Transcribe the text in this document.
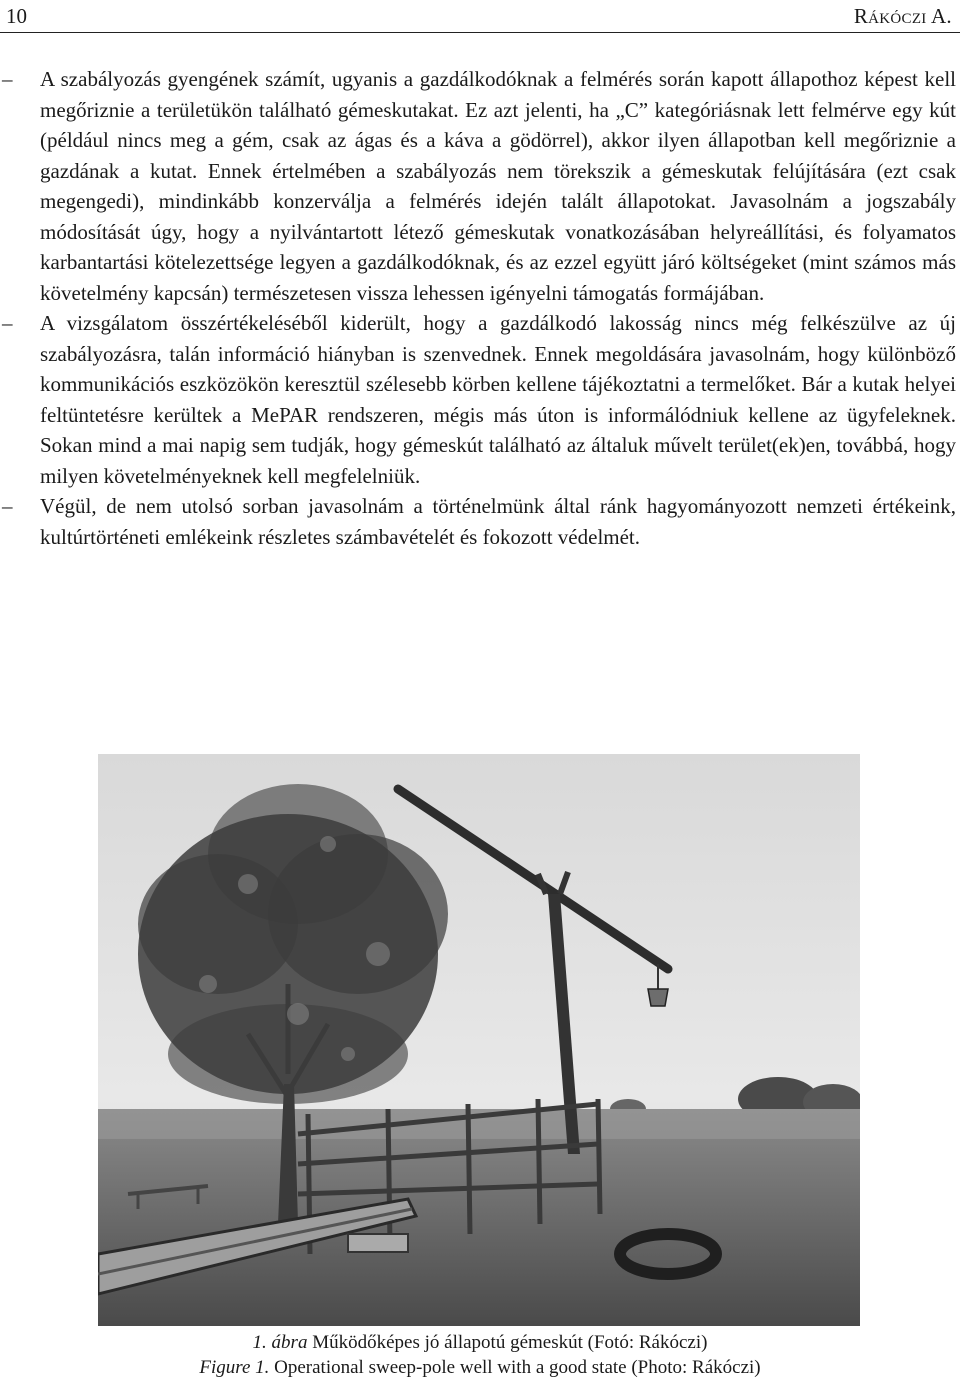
10	Rákóczi A.
–	A szabályozás gyengének számít, ugyanis a gazdálkodóknak a felmérés során kapott állapothoz képest kell megőriznie a területükön található gémeskutakat. Ez azt jelenti, ha „C” kategóriásnak lett felmérve egy kút (például nincs meg a gém, csak az ágas és a káva a gödörrel), akkor ilyen állapotban kell megőriznie a gazdának a kutat. Ennek értelmében a szabályozás nem törekszik a gémeskutak felújítására (ezt csak megengedi), mindinkább konzerválja a felmérés idején talált állapotokat. Javasolnám a jogszabály módosítását úgy, hogy a nyilvántartott létező gémeskutak vonatkozásában helyreállítási, és folyamatos karbantartási kötelezettsége legyen a gazdálkodóknak, és az ezzel együtt járó költségeket (mint számos más követelmény kapcsán) természetesen vissza lehessen igényelni támogatás formájában.

–	A vizsgálatom összértékeléséből kiderült, hogy a gazdálkodó lakosság nincs még felkészülve az új szabályozásra, talán információ hiányban is szenvednek. Ennek megoldására javasolnám, hogy különböző kommunikációs eszközökön keresztül szélesebb körben kellene tájékoztatni a termelőket. Bár a kutak helyei feltüntetésre kerültek a MePAR rendszeren, mégis más úton is informálódniuk kellene az ügyfeleknek. Sokan mind a mai napig sem tudják, hogy gémeskút található az általuk művelt terület(ek)en, továbbá, hogy milyen követelményeknek kell megfelelniük.

–	Végül, de nem utolsó sorban javasolnám a történelmünk által ránk hagyományozott nemzeti értékeink, kultúrtörténeti emlékeink részletes számbavételét és fokozott védelmét.

1. ábra Működőképes jó állapotú gémeskút (Fotó: Rákóczi)
Figure 1. Operational sweep-pole well with a good state (Photo: Rákóczi)
